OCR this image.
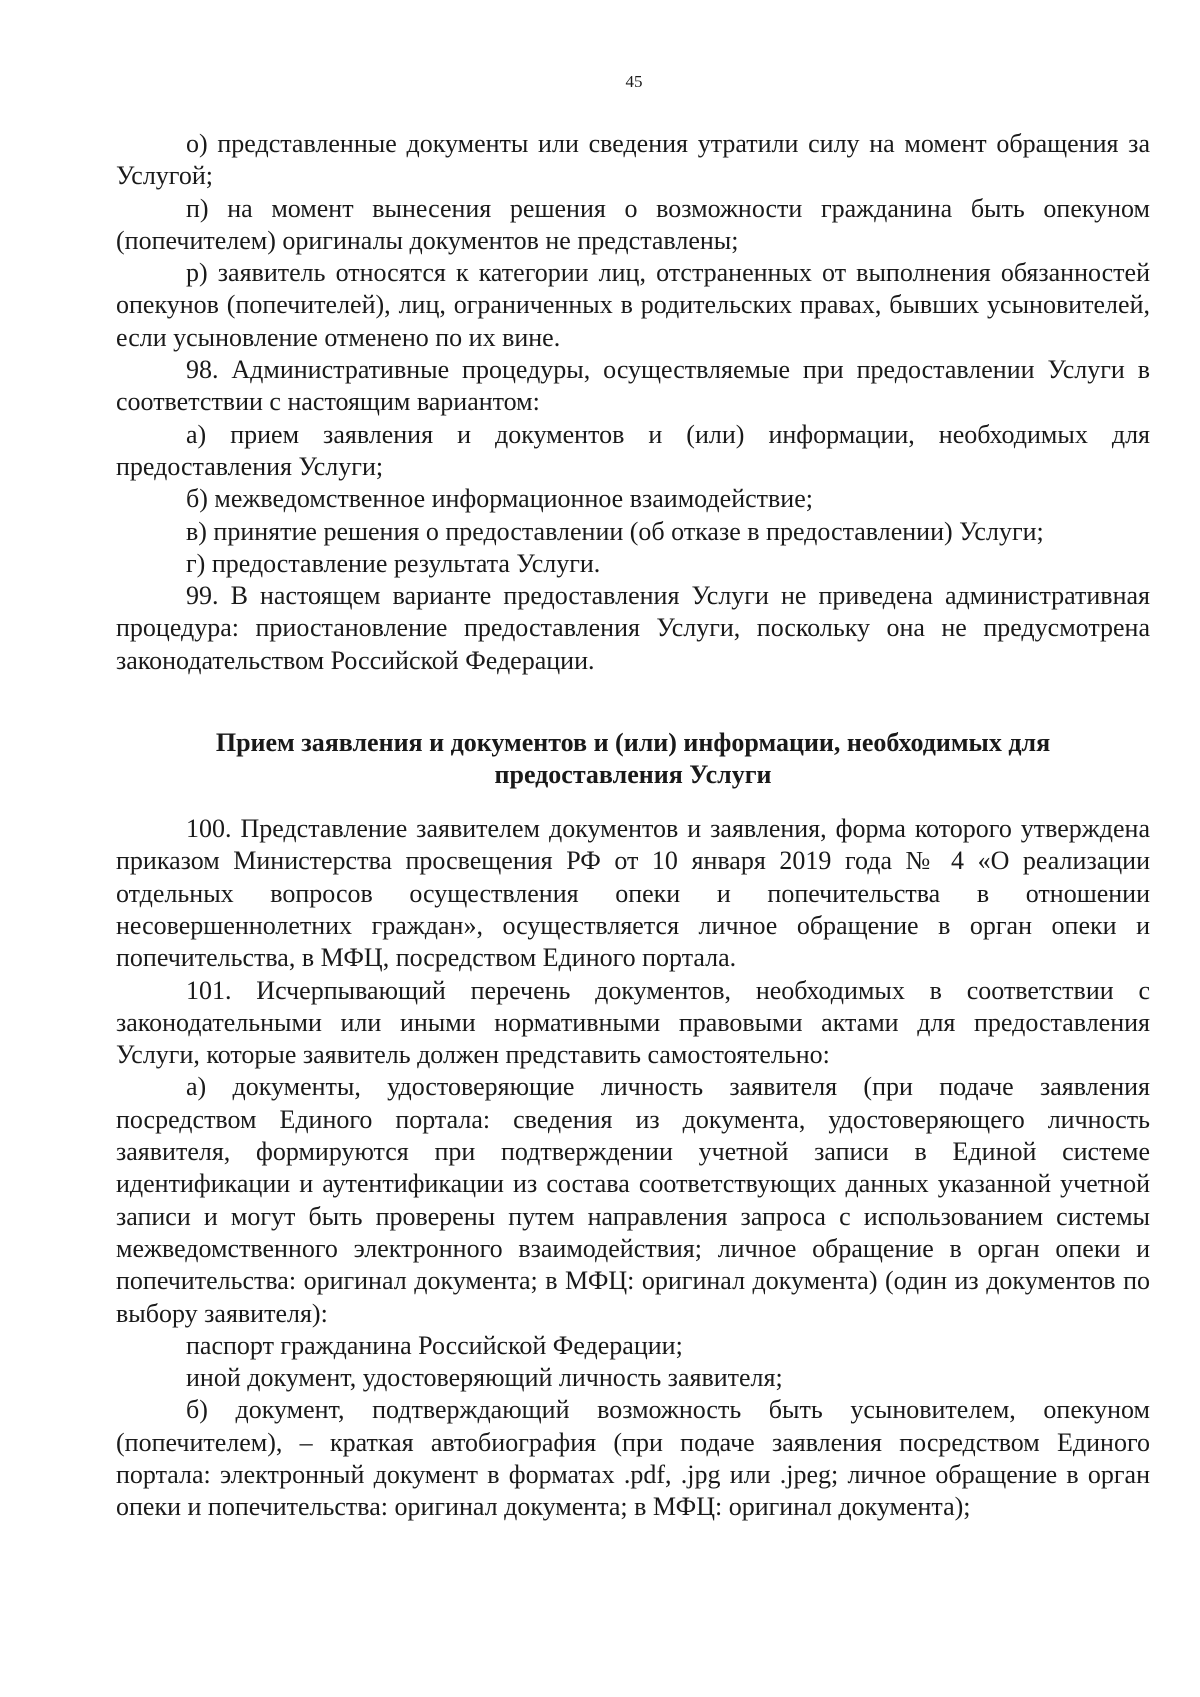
45

о) представленные документы или сведения утратили силу на момент обращения за Услугой;

п) на момент вынесения решения о возможности гражданина быть опекуном (попечителем) оригиналы документов не представлены;

р) заявитель относятся к категории лиц, отстраненных от выполнения обязанностей опекунов (попечителей), лиц, ограниченных в родительских правах, бывших усыновителей, если усыновление отменено по их вине.

98. Административные процедуры, осуществляемые при предоставлении Услуги в соответствии с настоящим вариантом:

а) прием заявления и документов и (или) информации, необходимых для предоставления Услуги;

б) межведомственное информационное взаимодействие;

в) принятие решения о предоставлении (об отказе в предоставлении) Услуги;

г) предоставление результата Услуги.

99. В настоящем варианте предоставления Услуги не приведена административная процедура: приостановление предоставления Услуги, поскольку она не предусмотрена законодательством Российской Федерации.

Прием заявления и документов и (или) информации, необходимых для
предоставления Услуги

100. Представление заявителем документов и заявления, форма которого утверждена приказом Министерства просвещения РФ от 10 января 2019 года № 4 «О реализации отдельных вопросов осуществления опеки и попечительства в отношении несовершеннолетних граждан», осуществляется личное обращение в орган опеки и попечительства, в МФЦ, посредством Единого портала.

101. Исчерпывающий перечень документов, необходимых в соответствии с законодательными или иными нормативными правовыми актами для предоставления Услуги, которые заявитель должен представить самостоятельно:

а) документы, удостоверяющие личность заявителя (при подаче заявления посредством Единого портала: сведения из документа, удостоверяющего личность заявителя, формируются при подтверждении учетной записи в Единой системе идентификации и аутентификации из состава соответствующих данных указанной учетной записи и могут быть проверены путем направления запроса с использованием системы межведомственного электронного взаимодействия; личное обращение в орган опеки и попечительства: оригинал документа; в МФЦ: оригинал документа) (один из документов по выбору заявителя):

паспорт гражданина Российской Федерации;

иной документ, удостоверяющий личность заявителя;

б) документ, подтверждающий возможность быть усыновителем, опекуном (попечителем), – краткая автобиография (при подаче заявления посредством Единого портала: электронный документ в форматах .pdf, .jpg или .jpeg; личное обращение в орган опеки и попечительства: оригинал документа; в МФЦ: оригинал документа);
